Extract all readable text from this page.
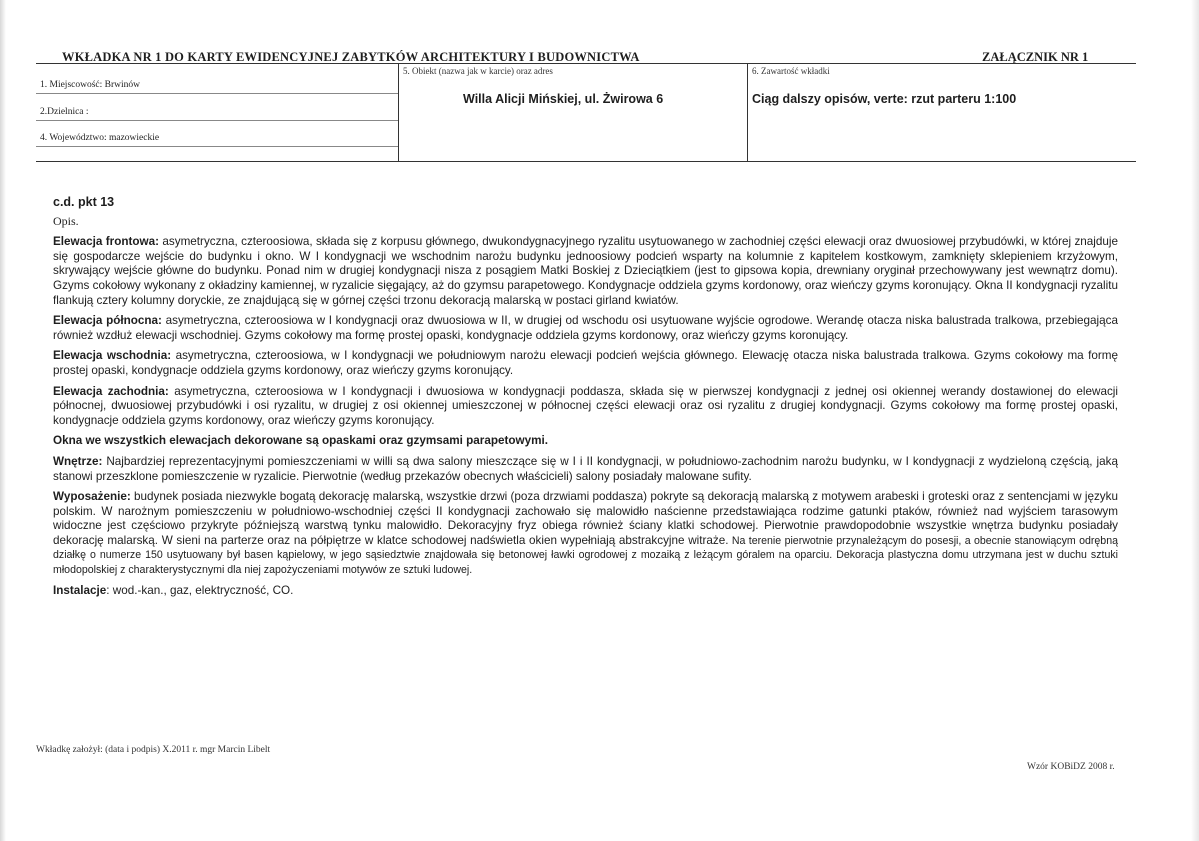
WKŁADKA NR 1 DO KARTY EWIDENCYJNEJ ZABYTKÓW ARCHITEKTURY I BUDOWNICTWA	ZAŁĄCZNIK NR 1
1. Miejscowość: Brwinów
2.Dzielnica :
4. Województwo: mazowieckie
5. Obiekt (nazwa jak w karcie) oraz adres
Willa Alicji Mińskiej, ul. Żwirowa 6
6. Zawartość wkładki
Ciąg dalszy opisów, verte: rzut parteru 1:100
c.d. pkt 13
Opis.

Elewacja frontowa: asymetryczna, czteroosiowa, składa się z korpusu głównego, dwukondygnacyjnego ryzalitu usytuowanego w zachodniej części elewacji oraz dwuosiowej przybudówki, w której znajduje się gospodarcze wejście do budynku i okno. W I kondygnacji we wschodnim narożu budynku jednoosiowy podcień wsparty na kolumnie z kapitelem kostkowym, zamknięty sklepieniem krzyżowym, skrywający wejście główne do budynku. Ponad nim w drugiej kondygnacji nisza z posągiem Matki Boskiej z Dzieciątkiem (jest to gipsowa kopia, drewniany oryginał przechowywany jest wewnątrz domu). Gzyms cokołowy wykonany z okładziny kamiennej, w ryzalicie sięgający, aż do gzymsu parapetowego. Kondygnacje oddziela gzyms kordonowy, oraz wieńczy gzyms koronujący. Okna II kondygnacji ryzalitu flankują cztery kolumny doryckie, ze znajdującą się w górnej części trzonu dekoracją malarską w postaci girland kwiatów.

Elewacja północna: asymetryczna, czteroosiowa w I kondygnacji oraz dwuosiowa w II, w drugiej od wschodu osi usytuowane wyjście ogrodowe. Werandę otacza niska balustrada tralkowa, przebiegająca również wzdłuż elewacji wschodniej. Gzyms cokołowy ma formę prostej opaski, kondygnacje oddziela gzyms kordonowy, oraz wieńczy gzyms koronujący.

Elewacja wschodnia: asymetryczna, czteroosiowa, w I kondygnacji we południowym narożu elewacji podcień wejścia głównego. Elewację otacza niska balustrada tralkowa. Gzyms cokołowy ma formę prostej opaski, kondygnacje oddziela gzyms kordonowy, oraz wieńczy gzyms koronujący.

Elewacja zachodnia: asymetryczna, czteroosiowa w I kondygnacji i dwuosiowa w kondygnacji poddasza, składa się w pierwszej kondygnacji z jednej osi okiennej werandy dostawionej do elewacji północnej, dwuosiowej przybudówki i osi ryzalitu, w drugiej z osi okiennej umieszczonej w północnej części elewacji oraz osi ryzalitu z drugiej kondygnacji. Gzyms cokołowy ma formę prostej opaski, kondygnacje oddziela gzyms kordonowy, oraz wieńczy gzyms koronujący.

Okna we wszystkich elewacjach dekorowane są opaskami oraz gzymsami parapetowymi.

Wnętrze: Najbardziej reprezentacyjnymi pomieszczeniami w willi są dwa salony mieszczące się w I i II kondygnacji, w południowo-zachodnim narożu budynku, w I kondygnacji z wydzieloną częścią, jaką stanowi przeszklone pomieszczenie w ryzalicie. Pierwotnie (według przekazów obecnych właścicieli) salony posiadały malowane sufity.

Wyposażenie: budynek posiada niezwykle bogatą dekorację malarską, wszystkie drzwi (poza drzwiami poddasza) pokryte są dekoracją malarską z motywem arabeski i groteski oraz z sentencjami w języku polskim. W narożnym pomieszczeniu w południowo-wschodniej części II kondygnacji zachowało się malowidło naścienne przedstawiająca rodzime gatunki ptaków, również nad wyjściem tarasowym widoczne jest częściowo przykryte późniejszą warstwą tynku malowidło. Dekoracyjny fryz obiega również ściany klatki schodowej. Pierwotnie prawdopodobnie wszystkie wnętrza budynku posiadały dekorację malarską. W sieni na parterze oraz na półpiętrze w klatce schodowej nadświetla okien wypełniają abstrakcyjne witraże. Na terenie pierwotnie przynależącym do posesji, a obecnie stanowiącym odrębną działkę o numerze 150 usytuowany był basen kąpielowy, w jego sąsiedztwie znajdowała się betonowej ławki ogrodowej z mozaiką z leżącym góralem na oparciu. Dekoracja plastyczna domu utrzymana jest w duchu sztuki młodopolskiej z charakterystycznymi dla niej zapożyczeniami motywów ze sztuki ludowej.

Instalacje: wod.-kan., gaz, elektryczność, CO.

Wkładkę założył: (data i podpis) X.2011 r. mgr Marcin Libelt
Wzór KOBiDZ 2008 r.
